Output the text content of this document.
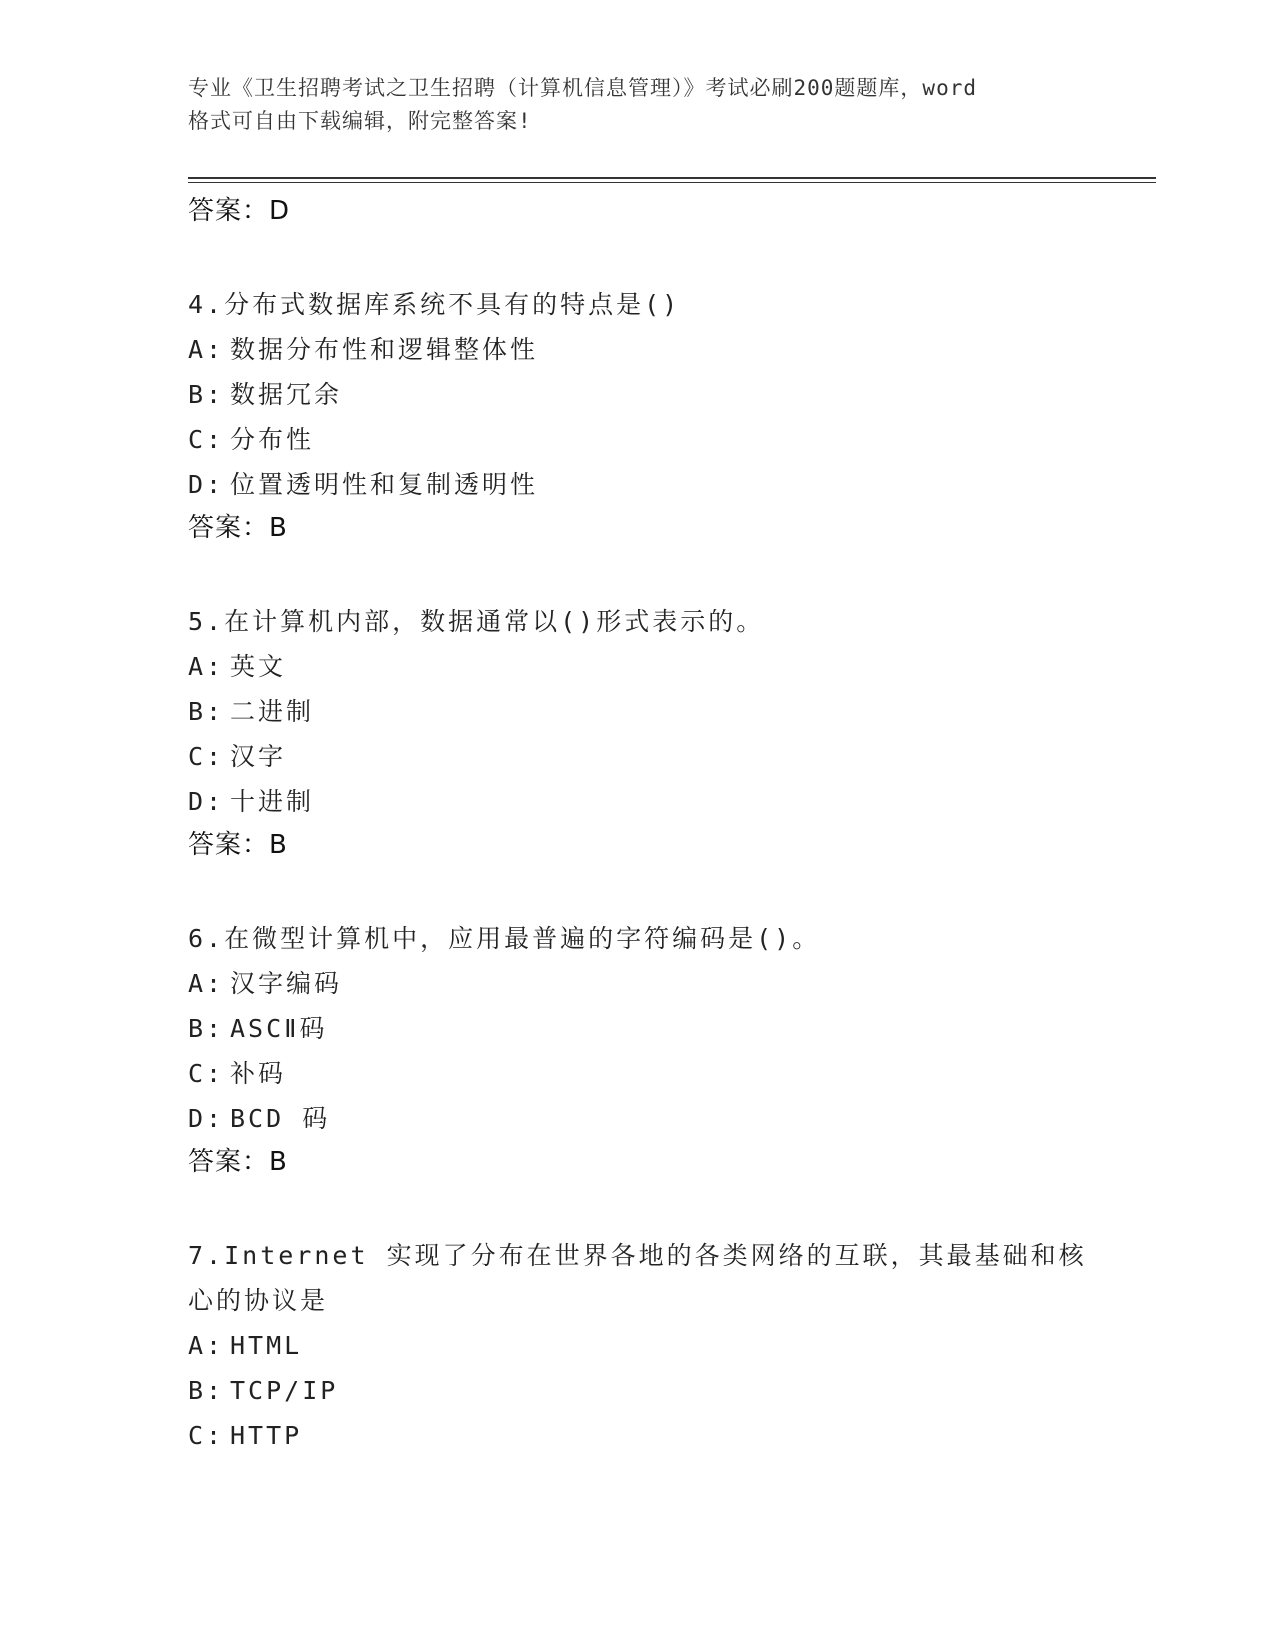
专业《卫生招聘考试之卫生招聘（计算机信息管理）》考试必刷200题题库，word
格式可自由下载编辑，附完整答案!
答案：D
4.分布式数据库系统不具有的特点是()
A: 数据分布性和逻辑整体性
B: 数据冗余
C: 分布性
D: 位置透明性和复制透明性
答案：B
5.在计算机内部，数据通常以()形式表示的。
A: 英文
B: 二进制
C: 汉字
D: 十进制
答案：B
6.在微型计算机中，应用最普遍的字符编码是()。
A: 汉字编码
B: ASCⅡ码
C: 补码
D: BCD 码
答案：B
7.Internet 实现了分布在世界各地的各类网络的互联，其最基础和核
心的协议是
A: HTML
B: TCP/IP
C: HTTP
